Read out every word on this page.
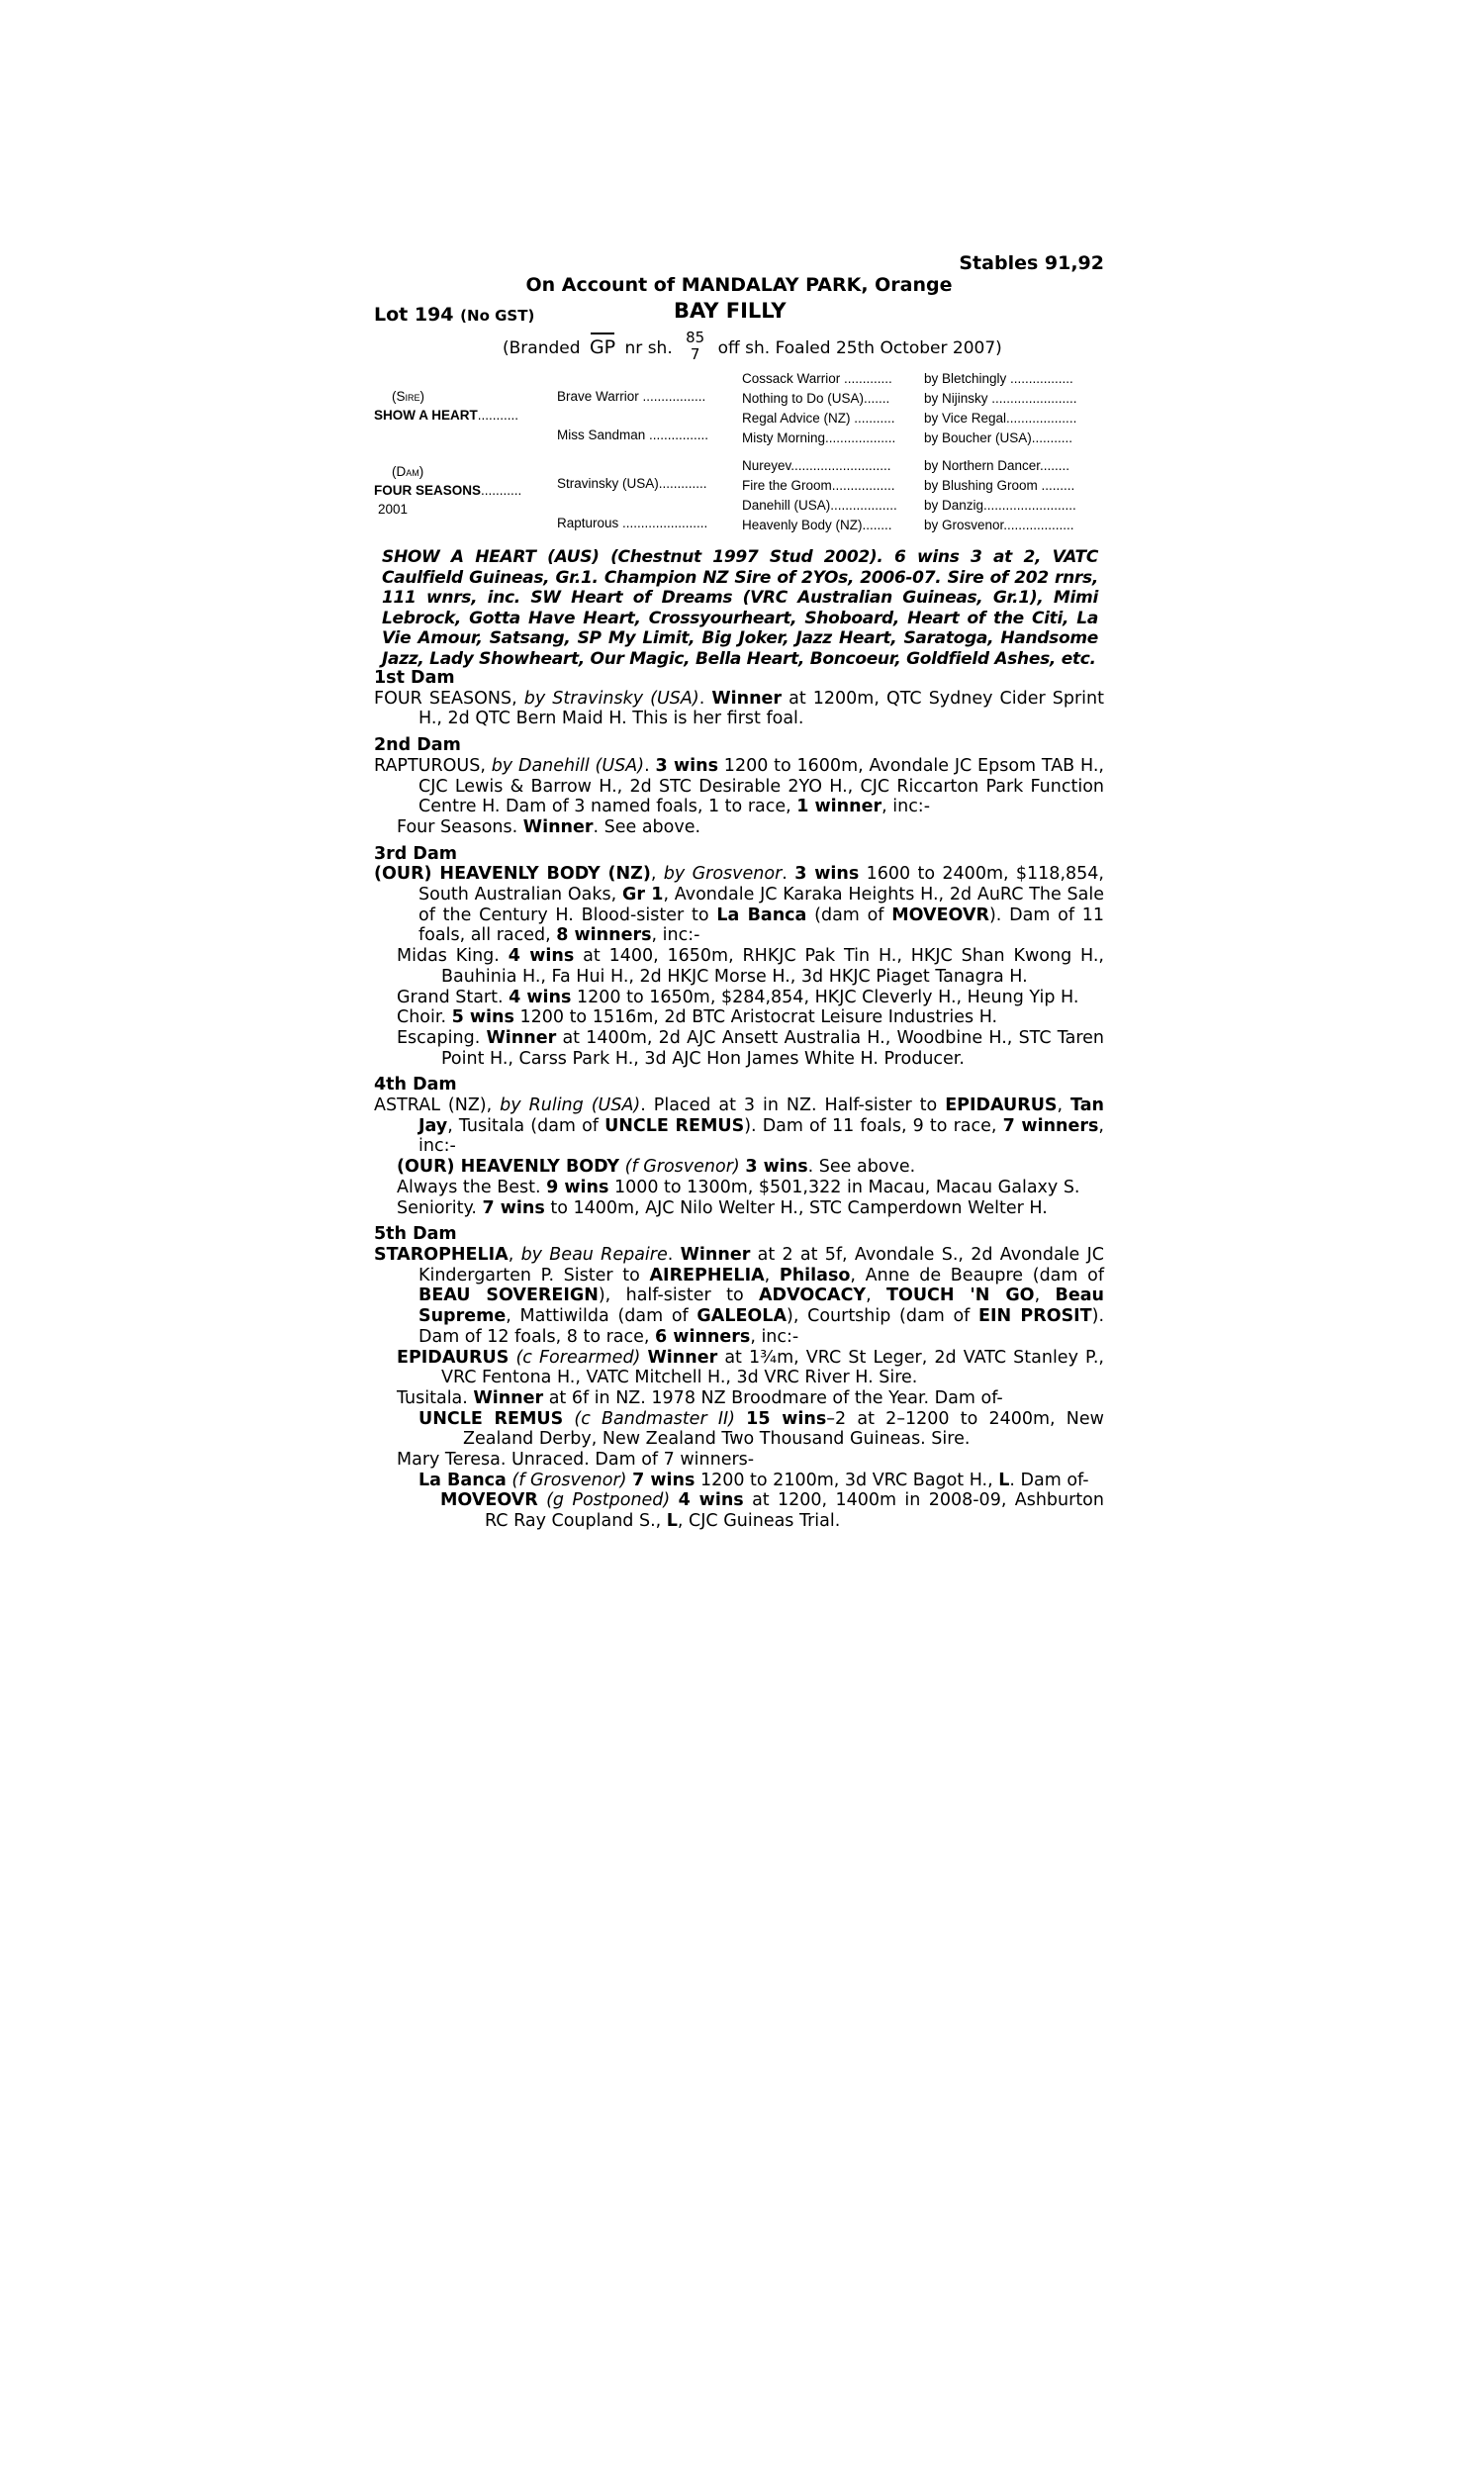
Stables 91,92
On Account of MANDALAY PARK, Orange
Lot 194 (No GST)	BAY FILLY
(Branded GP nr sh.
85
7 off sh. Foaled 25th October 2007)
(Sire)
SHOW A HEART...........
(Dam)
FOUR SEASONS...........
2001
Brave Warrior .................
Miss Sandman ................
Stravinsky (USA).............
Rapturous .......................
Cossack Warrior .............
Nothing to Do (USA).......
Regal Advice (NZ) ...........
Misty Morning...................
Nureyev...........................
Fire the Groom.................
Danehill (USA)..................
Heavenly Body (NZ)........
by Bletchingly .................
by Nijinsky .......................
by Vice Regal...................
by Boucher (USA)...........
by Northern Dancer........
by Blushing Groom .........
by Danzig.........................
by Grosvenor...................
SHOW A HEART (AUS) (Chestnut 1997 Stud 2002). 6 wins 3 at 2, VATC Caulfield Guineas, Gr.1. Champion NZ Sire of 2YOs, 2006-07. Sire of 202 rnrs, 111 wnrs, inc. SW Heart of Dreams (VRC Australian Guineas, Gr.1), Mimi Lebrock, Gotta Have Heart, Crossyourheart, Shoboard, Heart of the Citi, La Vie Amour, Satsang, SP My Limit, Big Joker, Jazz Heart, Saratoga, Handsome Jazz, Lady Showheart, Our Magic, Bella Heart, Boncoeur, Goldfield Ashes, etc.
1st Dam

FOUR SEASONS, by Stravinsky (USA). Winner at 1200m, QTC Sydney Cider Sprint H., 2d QTC Bern Maid H. This is her first foal.

2nd Dam

RAPTUROUS, by Danehill (USA). 3 wins 1200 to 1600m, Avondale JC Epsom TAB H., CJC Lewis & Barrow H., 2d STC Desirable 2YO H., CJC Riccarton Park Function Centre H. Dam of 3 named foals, 1 to race, 1 winner, inc:-

Four Seasons. Winner. See above.

3rd Dam

(OUR) HEAVENLY BODY (NZ), by Grosvenor. 3 wins 1600 to 2400m, $118,854, South Australian Oaks, Gr 1, Avondale JC Karaka Heights H., 2d AuRC The Sale of the Century H. Blood-sister to La Banca (dam of MOVEOVR). Dam of 11 foals, all raced, 8 winners, inc:-

Midas King. 4 wins at 1400, 1650m, RHKJC Pak Tin H., HKJC Shan Kwong H., Bauhinia H., Fa Hui H., 2d HKJC Morse H., 3d HKJC Piaget Tanagra H.

Grand Start. 4 wins 1200 to 1650m, $284,854, HKJC Cleverly H., Heung Yip H.

Choir. 5 wins 1200 to 1516m, 2d BTC Aristocrat Leisure Industries H.

Escaping. Winner at 1400m, 2d AJC Ansett Australia H., Woodbine H., STC Taren Point H., Carss Park H., 3d AJC Hon James White H. Producer.

4th Dam

ASTRAL (NZ), by Ruling (USA). Placed at 3 in NZ. Half-sister to EPIDAURUS, Tan Jay, Tusitala (dam of UNCLE REMUS). Dam of 11 foals, 9 to race, 7 winners, inc:-

(OUR) HEAVENLY BODY (f Grosvenor) 3 wins. See above.

Always the Best. 9 wins 1000 to 1300m, $501,322 in Macau, Macau Galaxy S.

Seniority. 7 wins to 1400m, AJC Nilo Welter H., STC Camperdown Welter H.

5th Dam

STAROPHELIA, by Beau Repaire. Winner at 2 at 5f, Avondale S., 2d Avondale JC Kindergarten P. Sister to AIREPHELIA, Philaso, Anne de Beaupre (dam of BEAU SOVEREIGN), half-sister to ADVOCACY, TOUCH 'N GO, Beau Supreme, Mattiwilda (dam of GALEOLA), Courtship (dam of EIN PROSIT). Dam of 12 foals, 8 to race, 6 winners, inc:-

EPIDAURUS (c Forearmed) Winner at 1¾m, VRC St Leger, 2d VATC Stanley P., VRC Fentona H., VATC Mitchell H., 3d VRC River H. Sire.

Tusitala. Winner at 6f in NZ. 1978 NZ Broodmare of the Year. Dam of-

UNCLE REMUS (c Bandmaster II) 15 wins–2 at 2–1200 to 2400m, New Zealand Derby, New Zealand Two Thousand Guineas. Sire.

Mary Teresa. Unraced. Dam of 7 winners-

La Banca (f Grosvenor) 7 wins 1200 to 2100m, 3d VRC Bagot H., L. Dam of-

MOVEOVR (g Postponed) 4 wins at 1200, 1400m in 2008-09, Ashburton RC Ray Coupland S., L, CJC Guineas Trial.
